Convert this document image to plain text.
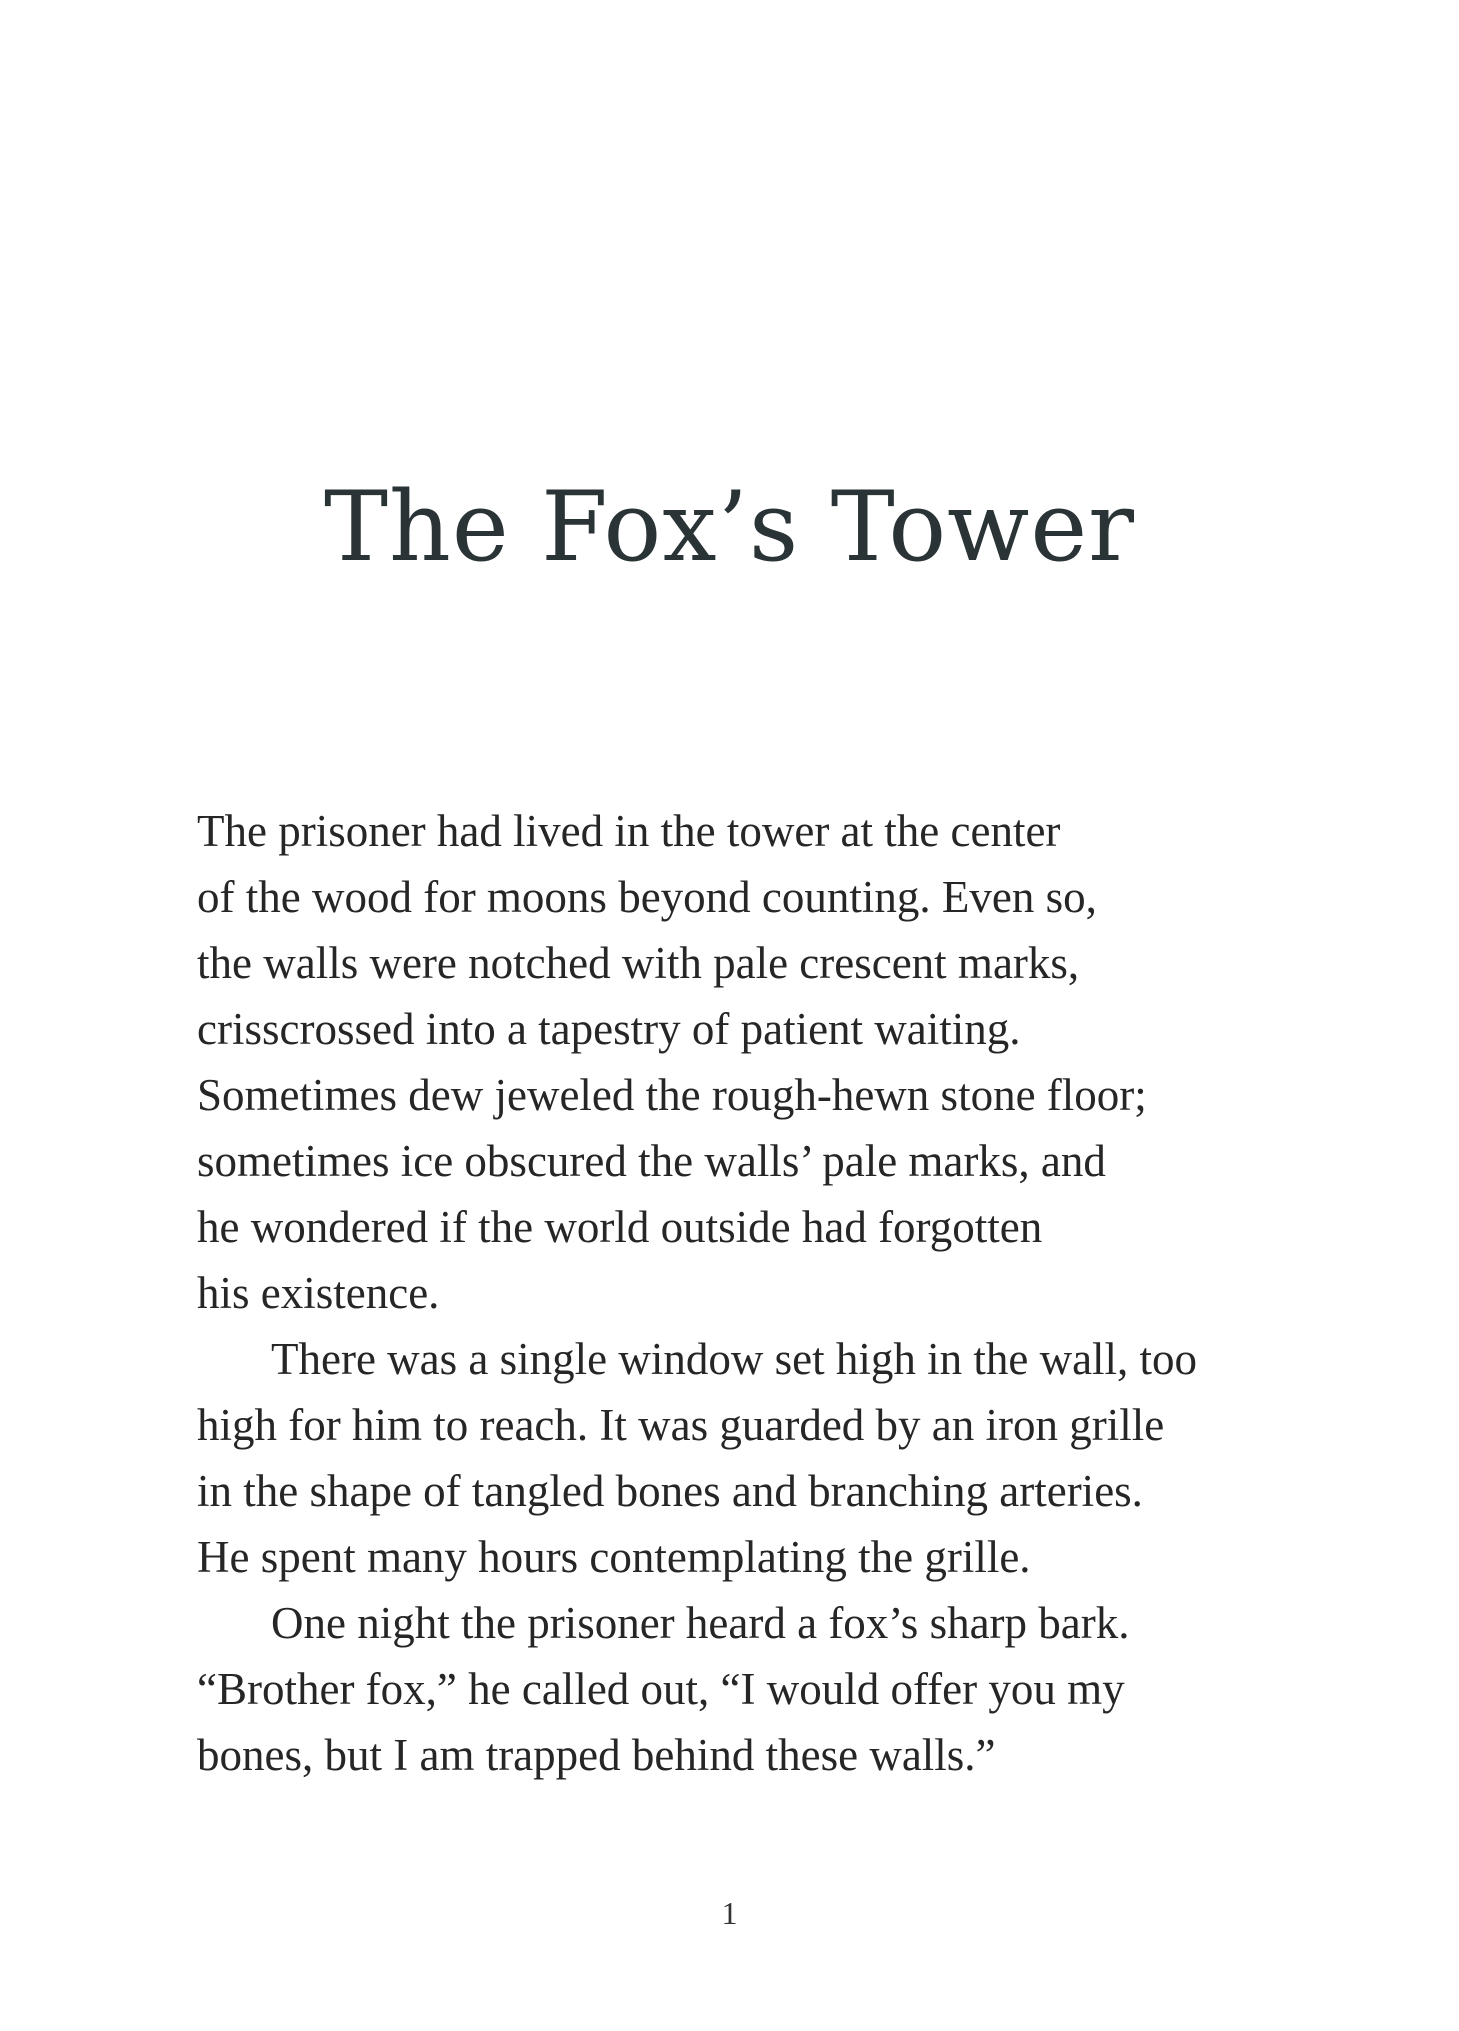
The Fox’s Tower
The prisoner had lived in the tower at the center
of the wood for moons beyond counting. Even so,
the walls were notched with pale crescent marks,
crisscrossed into a tapestry of patient waiting.
Sometimes dew jeweled the rough-hewn stone floor;
sometimes ice obscured the walls’ pale marks, and
he wondered if the world outside had forgotten
his existence.
There was a single window set high in the wall, too
high for him to reach. It was guarded by an iron grille
in the shape of tangled bones and branching arteries.
He spent many hours contemplating the grille.
One night the prisoner heard a fox’s sharp bark.
“Brother fox,” he called out, “I would offer you my
bones, but I am trapped behind these walls.”
1
